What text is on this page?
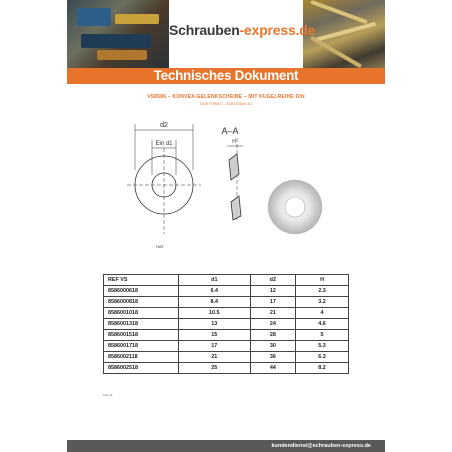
Schrauben-express.de
Technisches Dokument
VS8586 – KONVEX-GELENKSCHEIBE – MIT KUGELREIHE DIN
6319 FORM C – EDELSTAHL A2
d2
Ein d1
HAT
A–A
H
REF VS	d1	d2	H
8586000618	6.4	12	2.3
8586000818	8.4	17	3.2
8586001018	10.5	21	4
8586001318	13	24	4.6
8586001518	15	28	5
8586001718	17	30	5.3
8586002118	21	36	6.3
8586002518	25	44	8.2
KAF IE
kundendienst@schrauben-express.de
